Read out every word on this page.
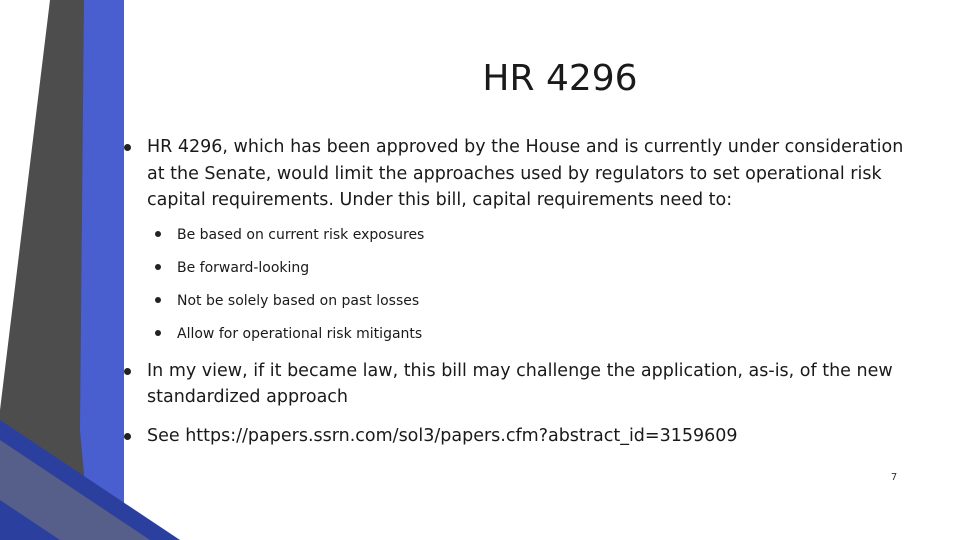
HR 4296
HR 4296, which has been approved by the House and is currently under consideration at the Senate, would limit the approaches used by regulators to set operational risk capital requirements. Under this bill, capital requirements need to:
Be based on current risk exposures
Be forward-looking
Not be solely based on past losses
Allow for operational risk mitigants
In my view, if it became law, this bill may challenge the application, as-is, of the new standardized approach
See https://papers.ssrn.com/sol3/papers.cfm?abstract_id=3159609
7
